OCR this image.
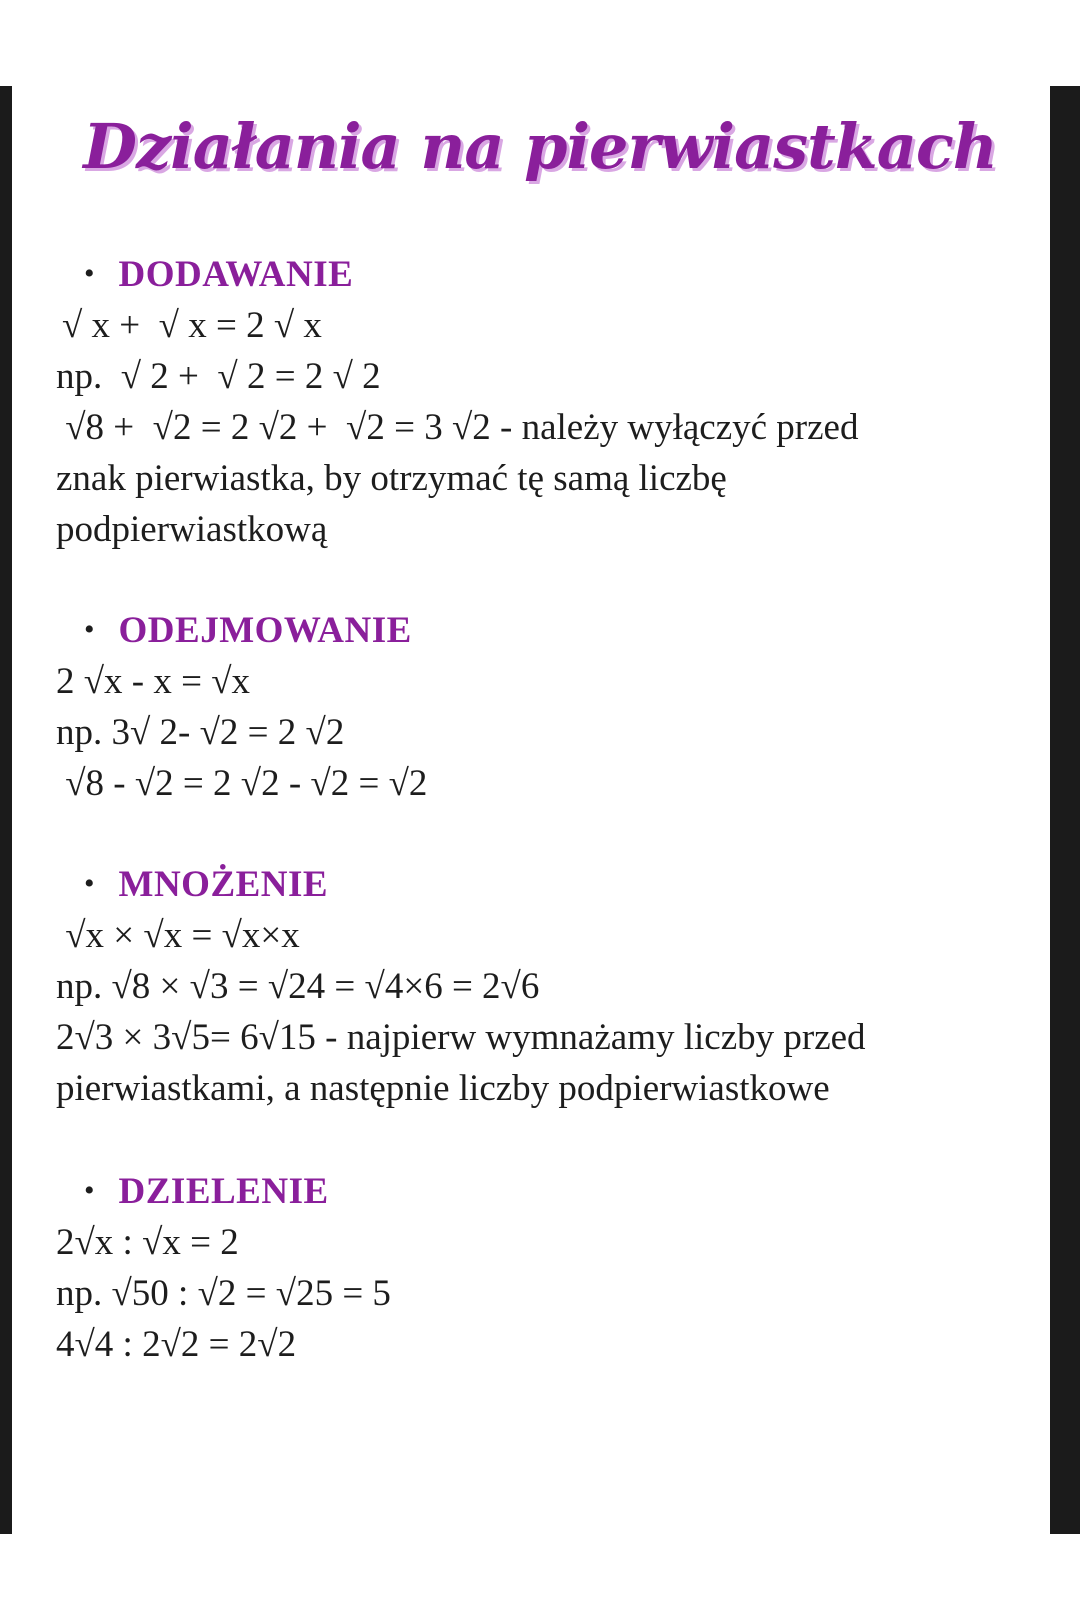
Działania na pierwiastkach
• DODAWANIE
√ x +  √ x = 2 √ x
np.  √ 2 +  √ 2 = 2 √ 2
√8 +  √2 = 2 √2 +  √2 = 3 √2 - należy wyłączyć przed
znak pierwiastka, by otrzymać tę samą liczbę
podpierwiastkową
• ODEJMOWANIE
2 √x - x = √x
np. 3√ 2- √2 = 2 √2
√8 - √2 = 2 √2 - √2 = √2
• MNOŻENIE
√x × √x = √x×x
np. √8 × √3 = √24 = √4×6 = 2√6
2√3 × 3√5= 6√15 - najpierw wymnażamy liczby przed
pierwiastkami, a następnie liczby podpierwiastkowe
• DZIELENIE
2√x : √x = 2
np. √50 : √2 = √25 = 5
4√4 : 2√2 = 2√2
